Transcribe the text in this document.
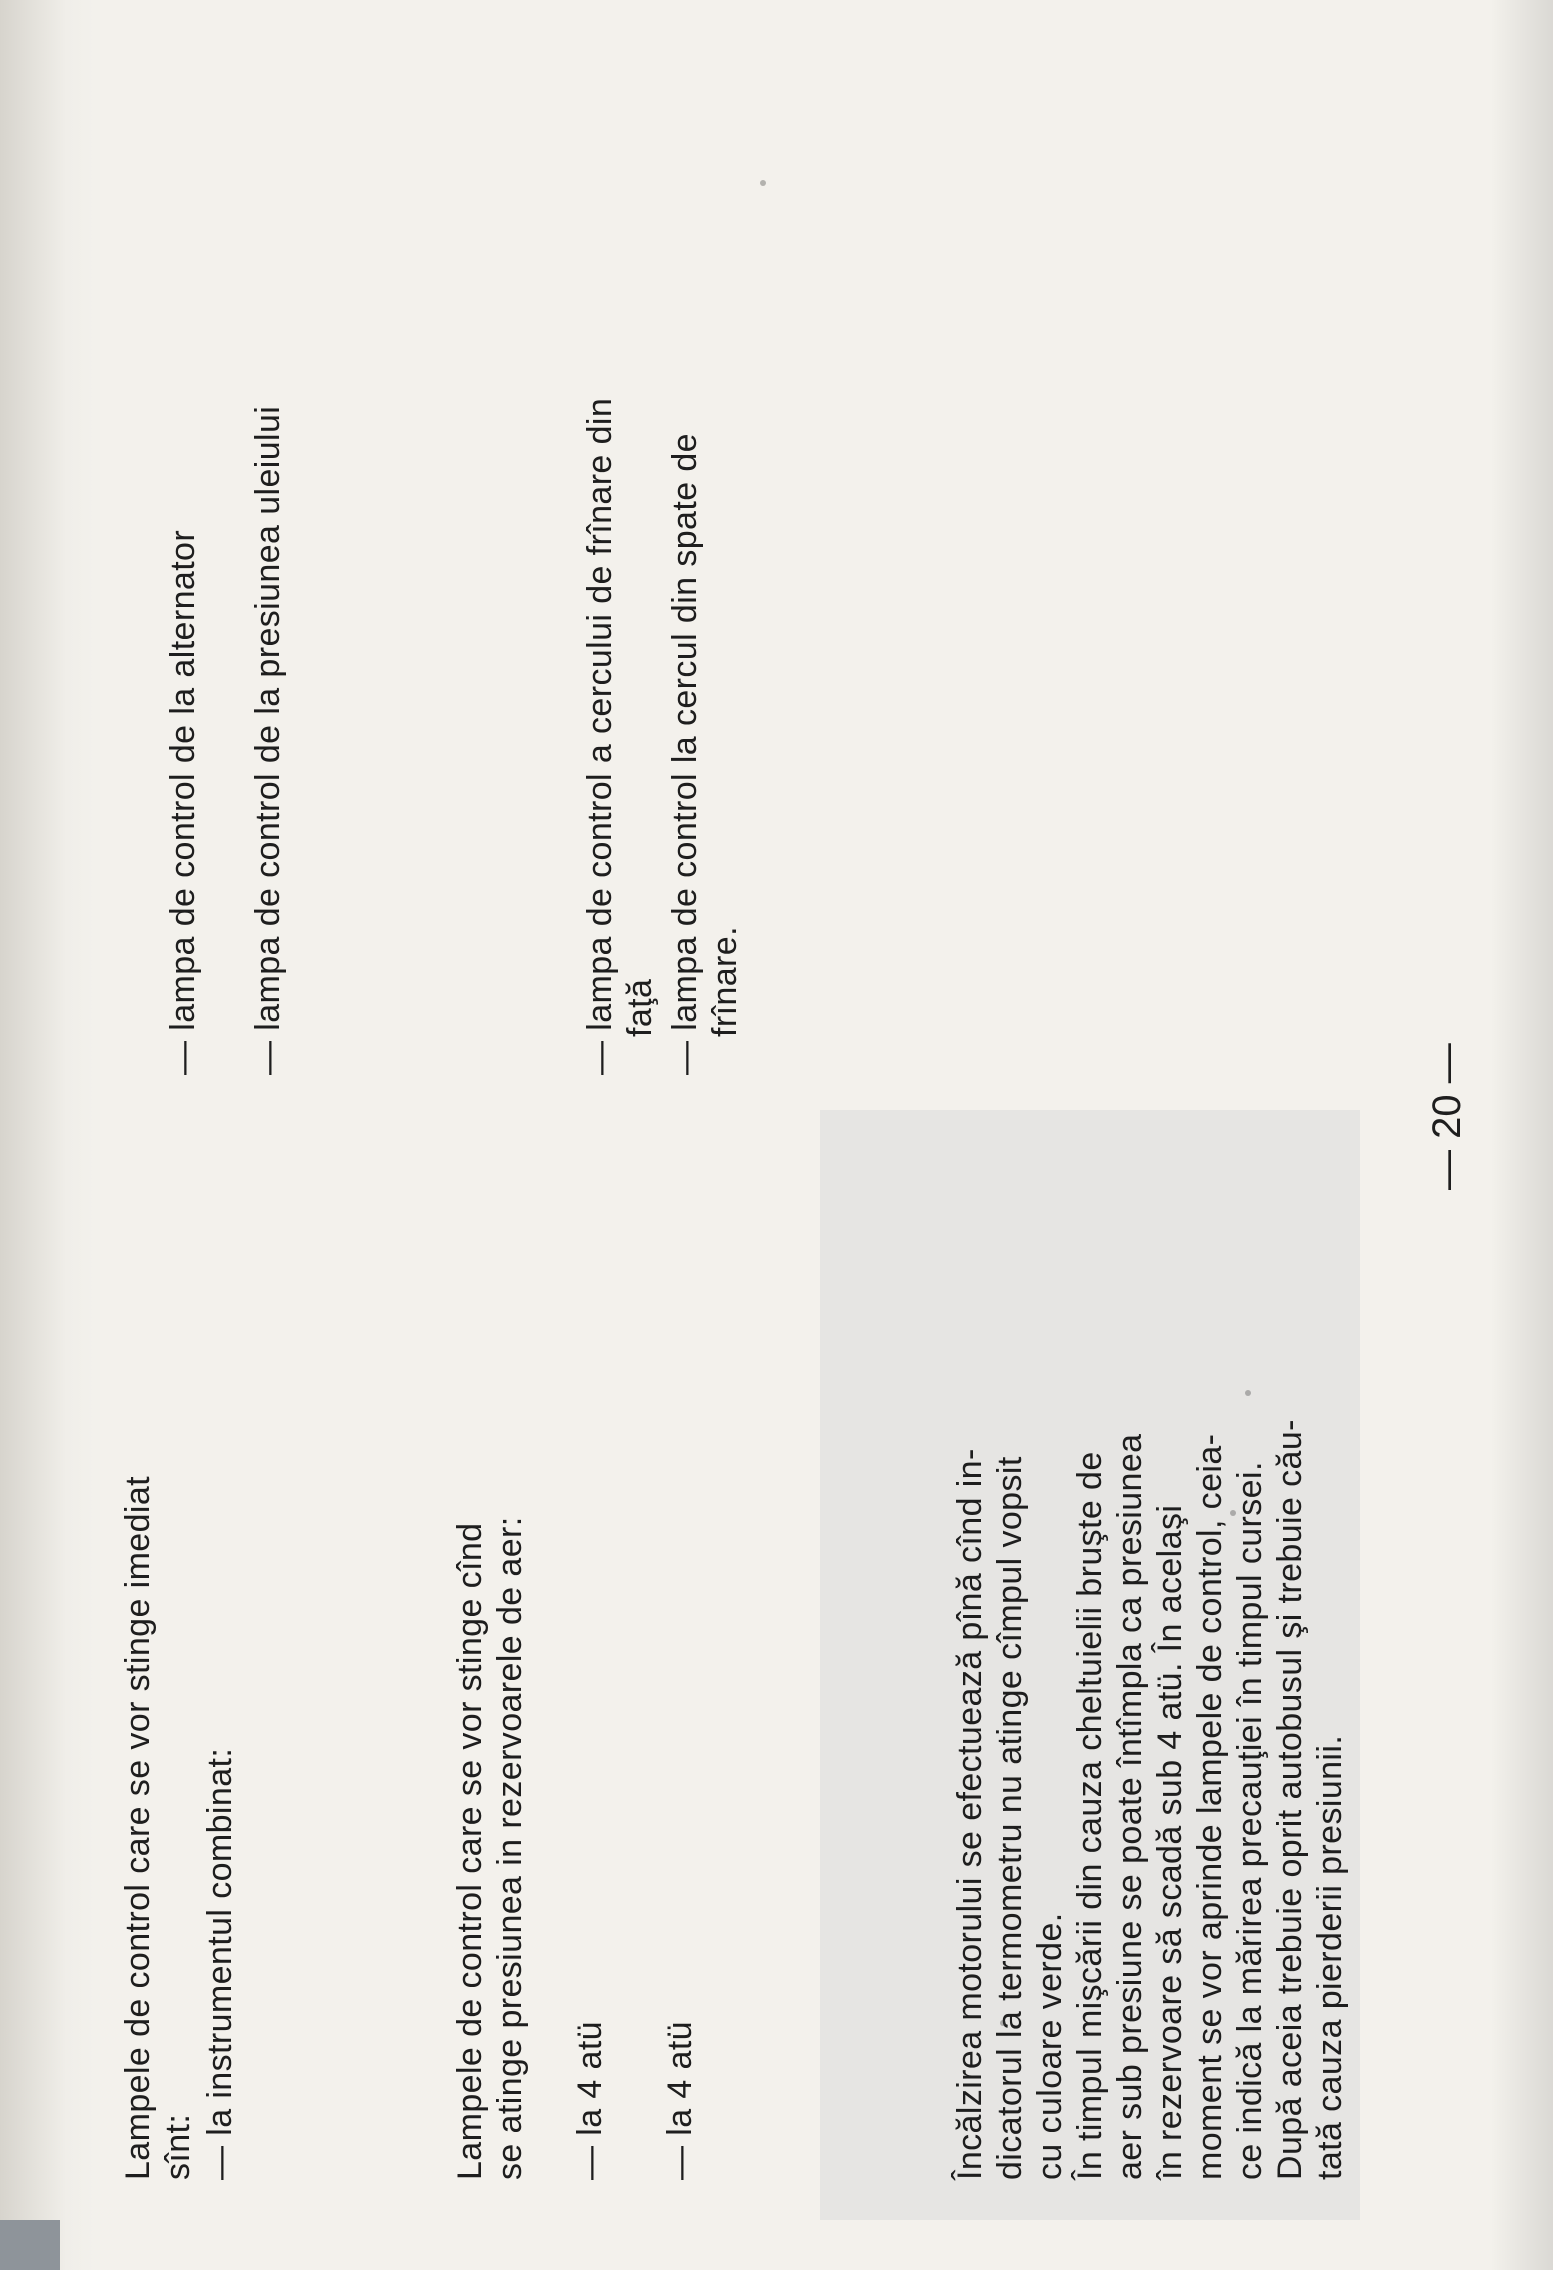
Lampele de control care se vor stinge imediat sînt: — la instrumentul combinat:	Lampele de control care se vor stinge cînd se atinge presiunea in rezervoarele de aer: — la 4 atü — la 4 atü	Încălzirea motorului se efectuează pînă cînd in- dicatorul la termometru nu atinge cîmpul vopsit cu culoare verde. În timpul mişcării din cauza cheltuielii bruşte de aer sub presiune se poate întîmpla ca presiunea în rezervoare să scadă sub 4 atü. În acelaşi moment se vor aprinde lampele de control, ceia- ce indică la mărirea precauţiei în timpul cursei. După aceia trebuie oprit autobusul şi trebuie cău- tată cauza pierderii presiunii.
— lampa de control de la alternator — lampa de control de la presiunea uleiului	— lampa de control a cercului de frînare din faţă — lampa de control la cercul din spate de frînare.
— 20 —
